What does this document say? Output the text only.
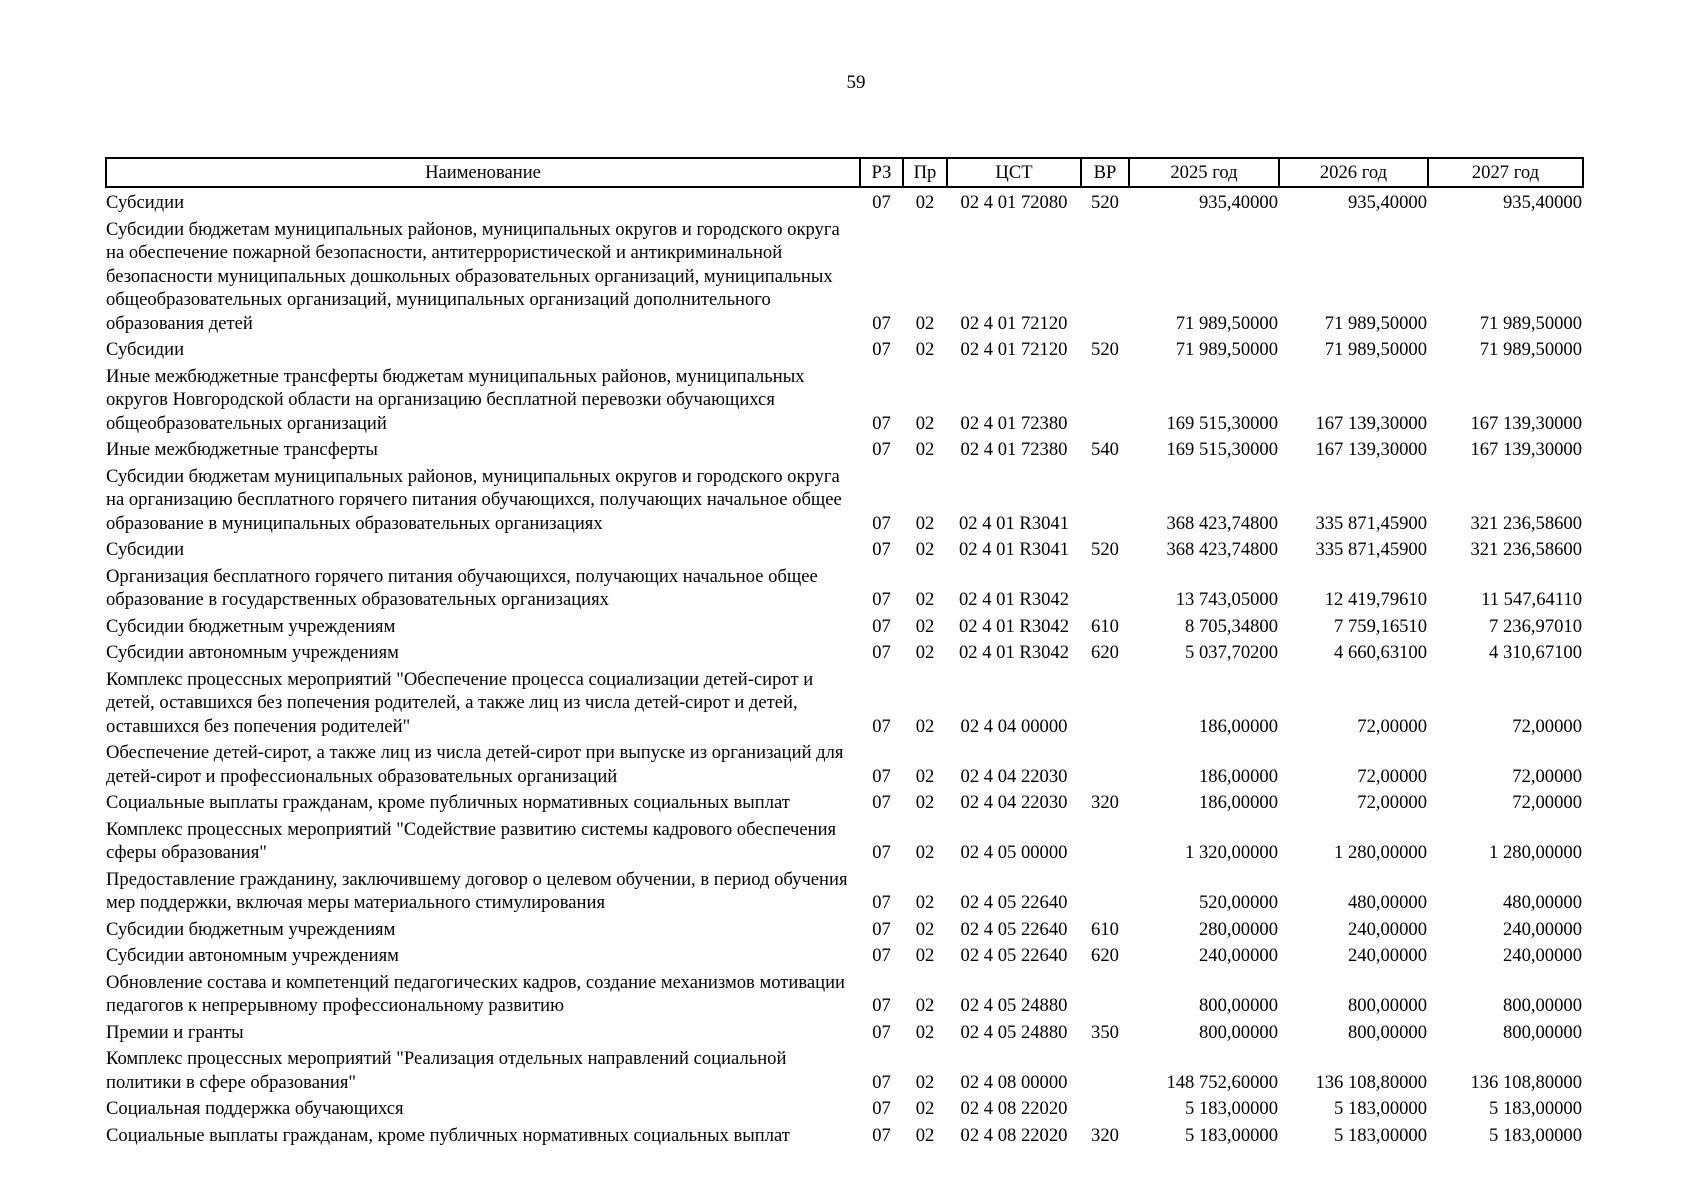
59
Наименование	РЗ	Пр	ЦСТ	ВР	2025 год	2026 год	2027 год
Субсидии	07	02	02 4 01 72080	520	935,40000	935,40000	935,40000
Субсидии бюджетам муниципальных районов, муниципальных округов и городского округа на обеспечение пожарной безопасности, антитеррористической и антикриминальной безопасности муниципальных дошкольных образовательных организаций, муниципальных общеобразовательных организаций, муниципальных организаций дополнительного образования детей	07	02	02 4 01 72120		71 989,50000	71 989,50000	71 989,50000
Субсидии	07	02	02 4 01 72120	520	71 989,50000	71 989,50000	71 989,50000
Иные межбюджетные трансферты бюджетам муниципальных районов, муниципальных округов Новгородской области на организацию бесплатной перевозки обучающихся общеобразовательных организаций	07	02	02 4 01 72380		169 515,30000	167 139,30000	167 139,30000
Иные межбюджетные трансферты	07	02	02 4 01 72380	540	169 515,30000	167 139,30000	167 139,30000
Субсидии бюджетам муниципальных районов, муниципальных округов и городского округа на организацию бесплатного горячего питания обучающихся, получающих начальное общее образование в муниципальных образовательных организациях	07	02	02 4 01 R3041		368 423,74800	335 871,45900	321 236,58600
Субсидии	07	02	02 4 01 R3041	520	368 423,74800	335 871,45900	321 236,58600
Организация бесплатного горячего питания обучающихся, получающих начальное общее образование в государственных образовательных организациях	07	02	02 4 01 R3042		13 743,05000	12 419,79610	11 547,64110
Субсидии бюджетным учреждениям	07	02	02 4 01 R3042	610	8 705,34800	7 759,16510	7 236,97010
Субсидии автономным учреждениям	07	02	02 4 01 R3042	620	5 037,70200	4 660,63100	4 310,67100
Комплекс процессных мероприятий "Обеспечение процесса социализации детей-сирот и детей, оставшихся без попечения родителей, а также лиц из числа детей-сирот и детей, оставшихся без попечения родителей"	07	02	02 4 04 00000		186,00000	72,00000	72,00000
Обеспечение детей-сирот, а также лиц из числа детей-сирот при выпуске из организаций для детей-сирот и профессиональных образовательных организаций	07	02	02 4 04 22030		186,00000	72,00000	72,00000
Социальные выплаты гражданам, кроме публичных нормативных социальных выплат	07	02	02 4 04 22030	320	186,00000	72,00000	72,00000
Комплекс процессных мероприятий "Содействие развитию системы кадрового обеспечения сферы образования"	07	02	02 4 05 00000		1 320,00000	1 280,00000	1 280,00000
Предоставление гражданину, заключившему договор о целевом обучении, в период обучения мер поддержки, включая меры материального стимулирования	07	02	02 4 05 22640		520,00000	480,00000	480,00000
Субсидии бюджетным учреждениям	07	02	02 4 05 22640	610	280,00000	240,00000	240,00000
Субсидии автономным учреждениям	07	02	02 4 05 22640	620	240,00000	240,00000	240,00000
Обновление состава и компетенций педагогических кадров, создание механизмов мотивации педагогов к непрерывному профессиональному развитию	07	02	02 4 05 24880		800,00000	800,00000	800,00000
Премии и гранты	07	02	02 4 05 24880	350	800,00000	800,00000	800,00000
Комплекс процессных мероприятий "Реализация отдельных направлений социальной политики в сфере образования"	07	02	02 4 08 00000		148 752,60000	136 108,80000	136 108,80000
Социальная поддержка обучающихся	07	02	02 4 08 22020		5 183,00000	5 183,00000	5 183,00000
Социальные выплаты гражданам, кроме публичных нормативных социальных выплат	07	02	02 4 08 22020	320	5 183,00000	5 183,00000	5 183,00000
